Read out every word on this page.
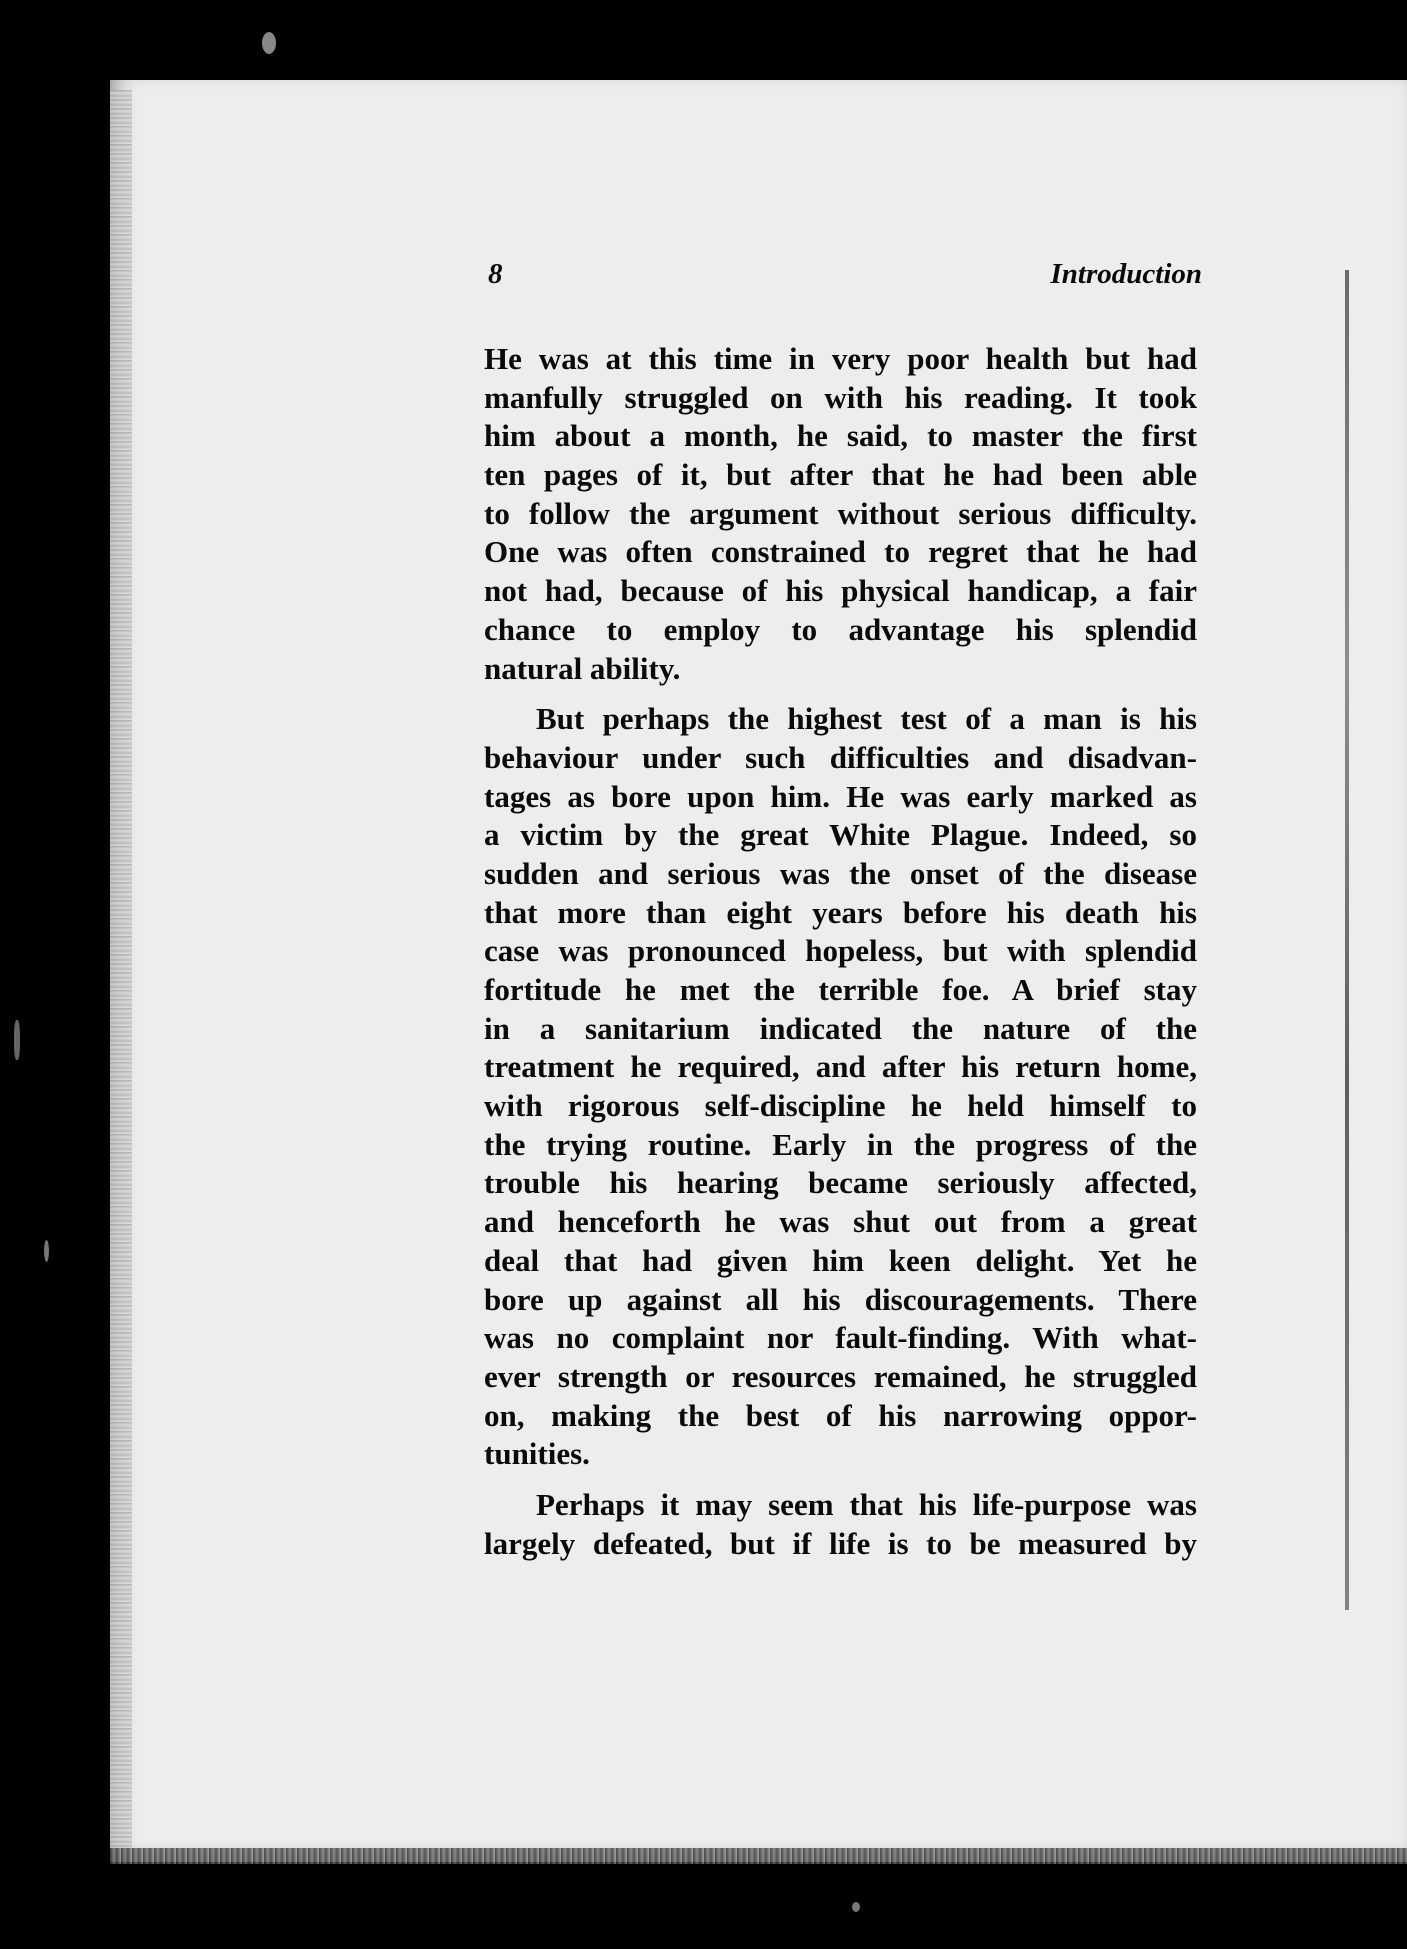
8	Introduction
He was at this time in very poor health but had
manfully struggled on with his reading. It took
him about a month, he said, to master the first
ten pages of it, but after that he had been able
to follow the argument without serious difficulty.
One was often constrained to regret that he had
not had, because of his physical handicap, a fair
chance to employ to advantage his splendid
natural ability.
But perhaps the highest test of a man is his
behaviour under such difficulties and disadvan-
tages as bore upon him. He was early marked as
a victim by the great White Plague. Indeed, so
sudden and serious was the onset of the disease
that more than eight years before his death his
case was pronounced hopeless, but with splendid
fortitude he met the terrible foe. A brief stay
in a sanitarium indicated the nature of the
treatment he required, and after his return home,
with rigorous self-discipline he held himself to
the trying routine. Early in the progress of the
trouble his hearing became seriously affected,
and henceforth he was shut out from a great
deal that had given him keen delight. Yet he
bore up against all his discouragements. There
was no complaint nor fault-finding. With what-
ever strength or resources remained, he struggled
on, making the best of his narrowing oppor-
tunities.
Perhaps it may seem that his life-purpose was
largely defeated, but if life is to be measured by
